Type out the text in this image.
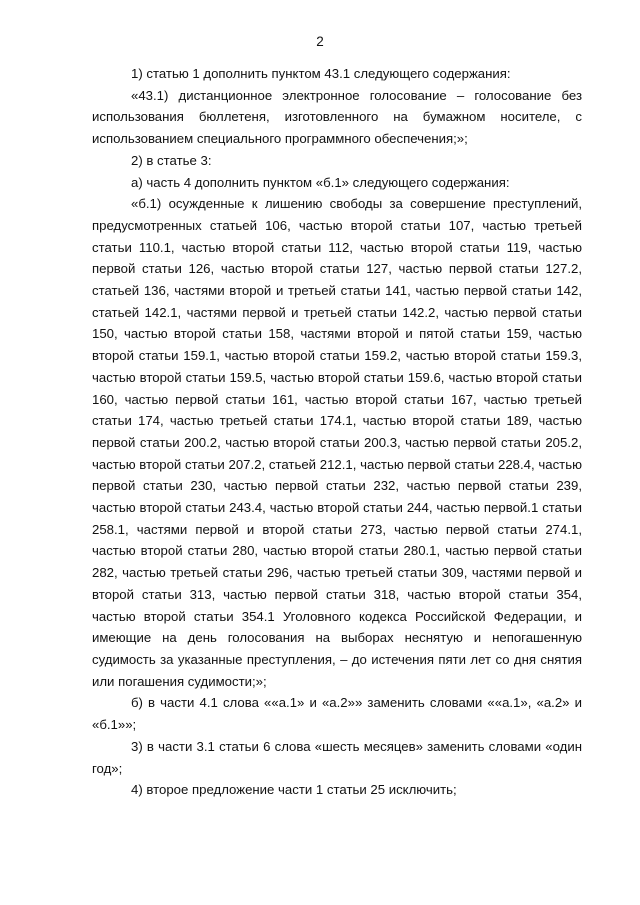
2

1) статью 1 дополнить пунктом 43.1 следующего содержания:

«43.1) дистанционное электронное голосование – голосование без использования бюллетеня, изготовленного на бумажном носителе, с использованием специального программного обеспечения;»;

2) в статье 3:

а) часть 4 дополнить пунктом «б.1» следующего содержания:

«б.1) осужденные к лишению свободы за совершение преступлений, предусмотренных статьей 106, частью второй статьи 107, частью третьей статьи 110.1, частью второй статьи 112, частью второй статьи 119, частью первой статьи 126, частью второй статьи 127, частью первой статьи 127.2, статьей 136, частями второй и третьей статьи 141, частью первой статьи 142, статьей 142.1, частями первой и третьей статьи 142.2, частью первой статьи 150, частью второй статьи 158, частями второй и пятой статьи 159, частью второй статьи 159.1, частью второй статьи 159.2, частью второй статьи 159.3, частью второй статьи 159.5, частью второй статьи 159.6, частью второй статьи 160, частью первой статьи 161, частью второй статьи 167, частью третьей статьи 174, частью третьей статьи 174.1, частью второй статьи 189, частью первой статьи 200.2, частью второй статьи 200.3, частью первой статьи 205.2, частью второй статьи 207.2, статьей 212.1, частью первой статьи 228.4, частью первой статьи 230, частью первой статьи 232, частью первой статьи 239, частью второй статьи 243.4, частью второй статьи 244, частью первой.1 статьи 258.1, частями первой и второй статьи 273, частью первой статьи 274.1, частью второй статьи 280, частью второй статьи 280.1, частью первой статьи 282, частью третьей статьи 296, частью третьей статьи 309, частями первой и второй статьи 313, частью первой статьи 318, частью второй статьи 354, частью второй статьи 354.1 Уголовного кодекса Российской Федерации, и имеющие на день голосования на выборах неснятую и непогашенную судимость за указанные преступления, – до истечения пяти лет со дня снятия или погашения судимости;»;

б) в части 4.1 слова ««а.1» и «а.2»» заменить словами ««а.1», «а.2» и «б.1»»;

3) в части 3.1 статьи 6 слова «шесть месяцев» заменить словами «один год»;

4) второе предложение части 1 статьи 25 исключить;
